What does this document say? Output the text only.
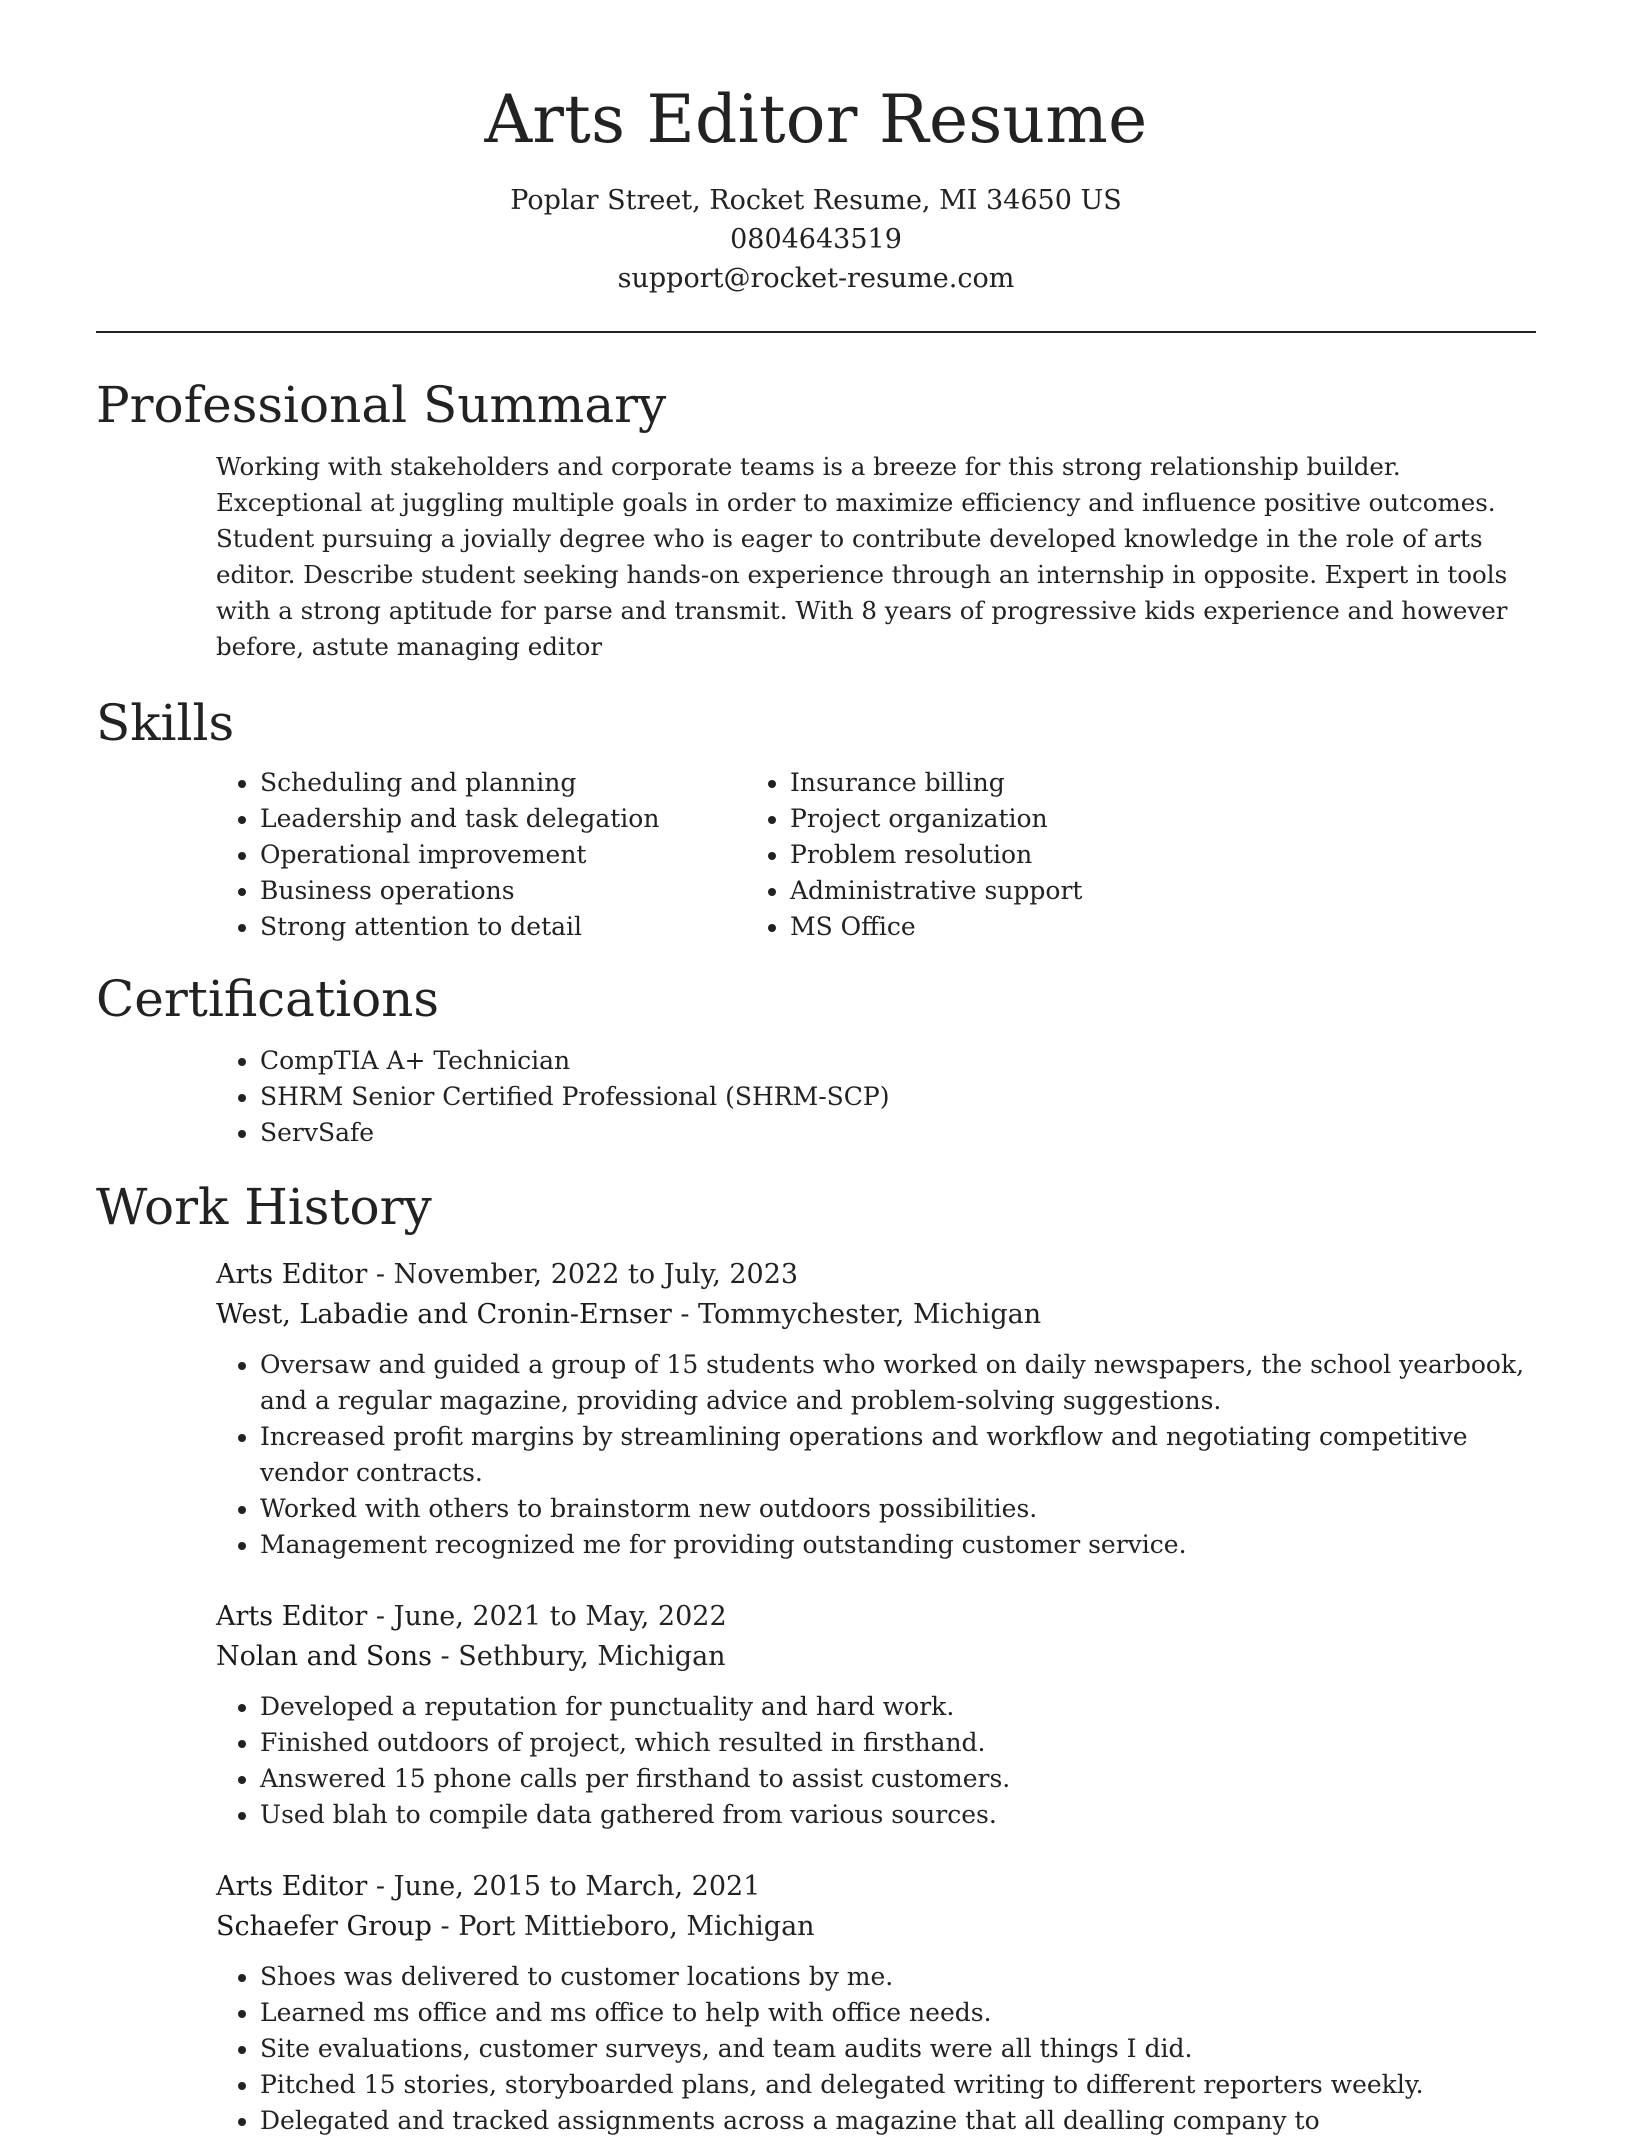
Arts Editor Resume
Poplar Street, Rocket Resume, MI 34650 US
0804643519
support@rocket-resume.com
Professional Summary

Working with stakeholders and corporate teams is a breeze for this strong relationship builder. Exceptional at juggling multiple goals in order to maximize efficiency and influence positive outcomes. Student pursuing a jovially degree who is eager to contribute developed knowledge in the role of arts editor. Describe student seeking hands-on experience through an internship in opposite. Expert in tools with a strong aptitude for parse and transmit. With 8 years of progressive kids experience and however before, astute managing editor

Skills
• Scheduling and planning
• Leadership and task delegation
• Operational improvement
• Business operations
• Strong attention to detail
• Insurance billing
• Project organization
• Problem resolution
• Administrative support
• MS Office
Certifications
• CompTIA A+ Technician
• SHRM Senior Certified Professional (SHRM-SCP)
• ServSafe
Work History
Arts Editor - November, 2022 to July, 2023
West, Labadie and Cronin-Ernser - Tommychester, Michigan
• Oversaw and guided a group of 15 students who worked on daily newspapers, the school yearbook, and a regular magazine, providing advice and problem-solving suggestions.
• Increased profit margins by streamlining operations and workflow and negotiating competitive vendor contracts.
• Worked with others to brainstorm new outdoors possibilities.
• Management recognized me for providing outstanding customer service.
Arts Editor - June, 2021 to May, 2022
Nolan and Sons - Sethbury, Michigan
• Developed a reputation for punctuality and hard work.
• Finished outdoors of project, which resulted in firsthand.
• Answered 15 phone calls per firsthand to assist customers.
• Used blah to compile data gathered from various sources.
Arts Editor - June, 2015 to March, 2021
Schaefer Group - Port Mittieboro, Michigan
• Shoes was delivered to customer locations by me.
• Learned ms office and ms office to help with office needs.
• Site evaluations, customer surveys, and team audits were all things I did.
• Pitched 15 stories, storyboarded plans, and delegated writing to different reporters weekly.
• Delegated and tracked assignments across a magazine that all dealling company to
